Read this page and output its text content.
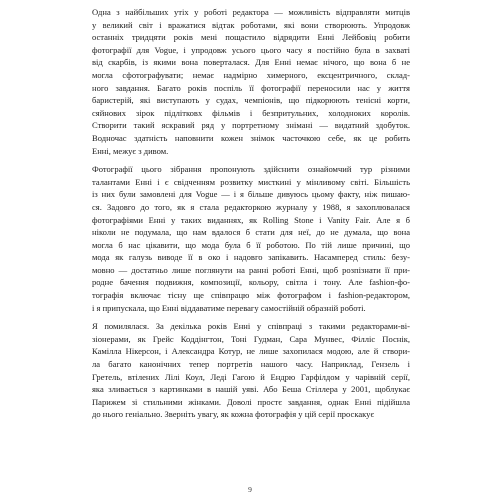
Одна з найбільших утіх у роботі редактора — можливість відправляти митців
у великий світ і вражатися відтак роботами, які вони створюють. Упродовж
останніх тридцяти років мені пощастило відрядити Енні Лейбовіц робити
фотографії для Vogue, і упродовж усього цього часу я постійно була в захваті
від скарбів, із якими вона поверталася. Для Енні немає нічого, що вона б не
могла сфотографувати; немає надмірно химерного, ексцентричного, склад-
ного завдання. Багато років поспіль її фотографії переносили нас у життя
баристерій, які виступають у судах, чемпіонів, що підкорюють тенісні корти,
сяйнових зірок підлітковх фільмів і безпритульних, холодноких королів.
Створити такий яскравий ряд у портретному знімані — видатний здобуток.
Водночас здатність наповнити кожен знімок часточкою себе, як це робить
Енні, межує з дивом.

Фотографії цього зібрання пропонують здійснити ознайомчий тур різними
талантами Енні і є свідченням розвитку мисткині у мінливому світі. Більшість
із них були замовлені для Vogue — і я більше дивуюсь цьому факту, ніж пишаю-
ся. Задовго до того, як я стала редакторкою журналу у 1988, я захоплювалася
фотографіями Енні у таких виданнях, як Rolling Stone і Vanity Fair. Але я б
ніколи не подумала, що нам вдалося б стати для неї, до не думала, що вона
могла б нас цікавити, що мода була б її роботою. По тій лише причині, що
мода як галузь виводе її в око і надовго запікавить. Насамперед стиль: безу-
мовно — достатньо лише поглянути на ранні роботі Енні, щоб розпізнати її при-
родне бачення подвижня, композиції, кольору, світла і тону. Але fashion-фо-
тографія включає тісну ще співпрацю між фотографом і fashion-редактором,
і я припускала, що Енні віддаватиме перевагу самостійній образній роботі.

Я помилялася. За декілька років Енні у співпраці з такими редакторами-ві-
зіонерами, як Грейс Коддінгтон, Тоні Гудман, Сара Мунвес, Філліс Поснік,
Камілла Нікерсон, і Александра Котур, не лише захопилася модою, але й створи-
ла багато канонічних тепер портретів нашого часу. Наприклад, Гензель і
Гретель, втілених Лілі Коул, Леді Гагою й Ендрю Гарфілдом у чарівній серії,
яка зливається з картинками в нашій уяві. Або Беша Стіллера у 2001, щоблукає
Парижем зі стильними жінками. Доволі простє завдання, однак Енні підійшла
до нього геніально. Зверніть увагу, як кожна фотографія у цій серії проскакує

9
